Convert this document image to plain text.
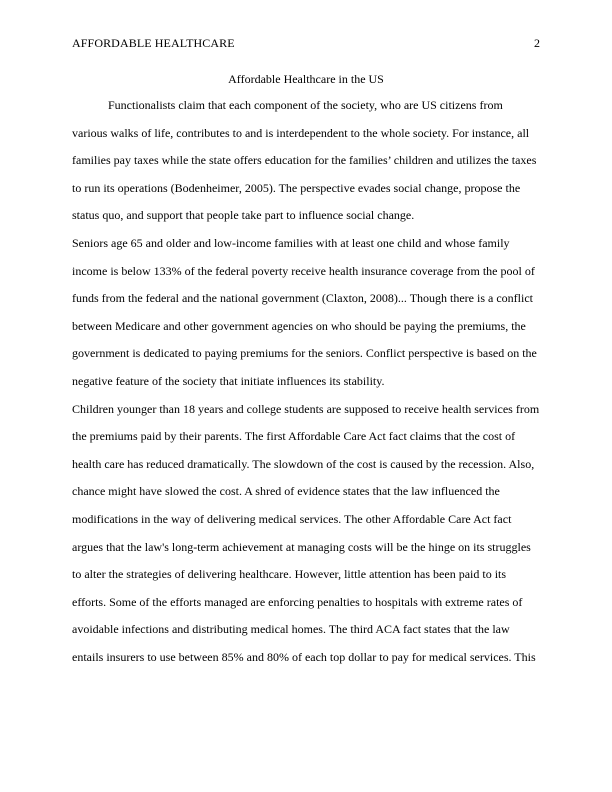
AFFORDABLE HEALTHCARE	2
Affordable Healthcare in the US

Functionalists claim that each component of the society, who are US citizens from
various walks of life, contributes to and is interdependent to the whole society. For instance, all
families pay taxes while the state offers education for the families’ children and utilizes the taxes
to run its operations (Bodenheimer, 2005). The perspective evades social change, propose the
status quo, and support that people take part to influence social change.

Seniors age 65 and older and low-income families with at least one child and whose family
income is below 133% of the federal poverty receive health insurance coverage from the pool of
funds from the federal and the national government (Claxton, 2008)... Though there is a conflict
between Medicare and other government agencies on who should be paying the premiums, the
government is dedicated to paying premiums for the seniors. Conflict perspective is based on the
negative feature of the society that initiate influences its stability.

Children younger than 18 years and college students are supposed to receive health services from
the premiums paid by their parents. The first Affordable Care Act fact claims that the cost of
health care has reduced dramatically. The slowdown of the cost is caused by the recession. Also,
chance might have slowed the cost. A shred of evidence states that the law influenced the
modifications in the way of delivering medical services. The other Affordable Care Act fact
argues that the law's long-term achievement at managing costs will be the hinge on its struggles
to alter the strategies of delivering healthcare. However, little attention has been paid to its
efforts. Some of the efforts managed are enforcing penalties to hospitals with extreme rates of
avoidable infections and distributing medical homes. The third ACA fact states that the law
entails insurers to use between 85% and 80% of each top dollar to pay for medical services. This
